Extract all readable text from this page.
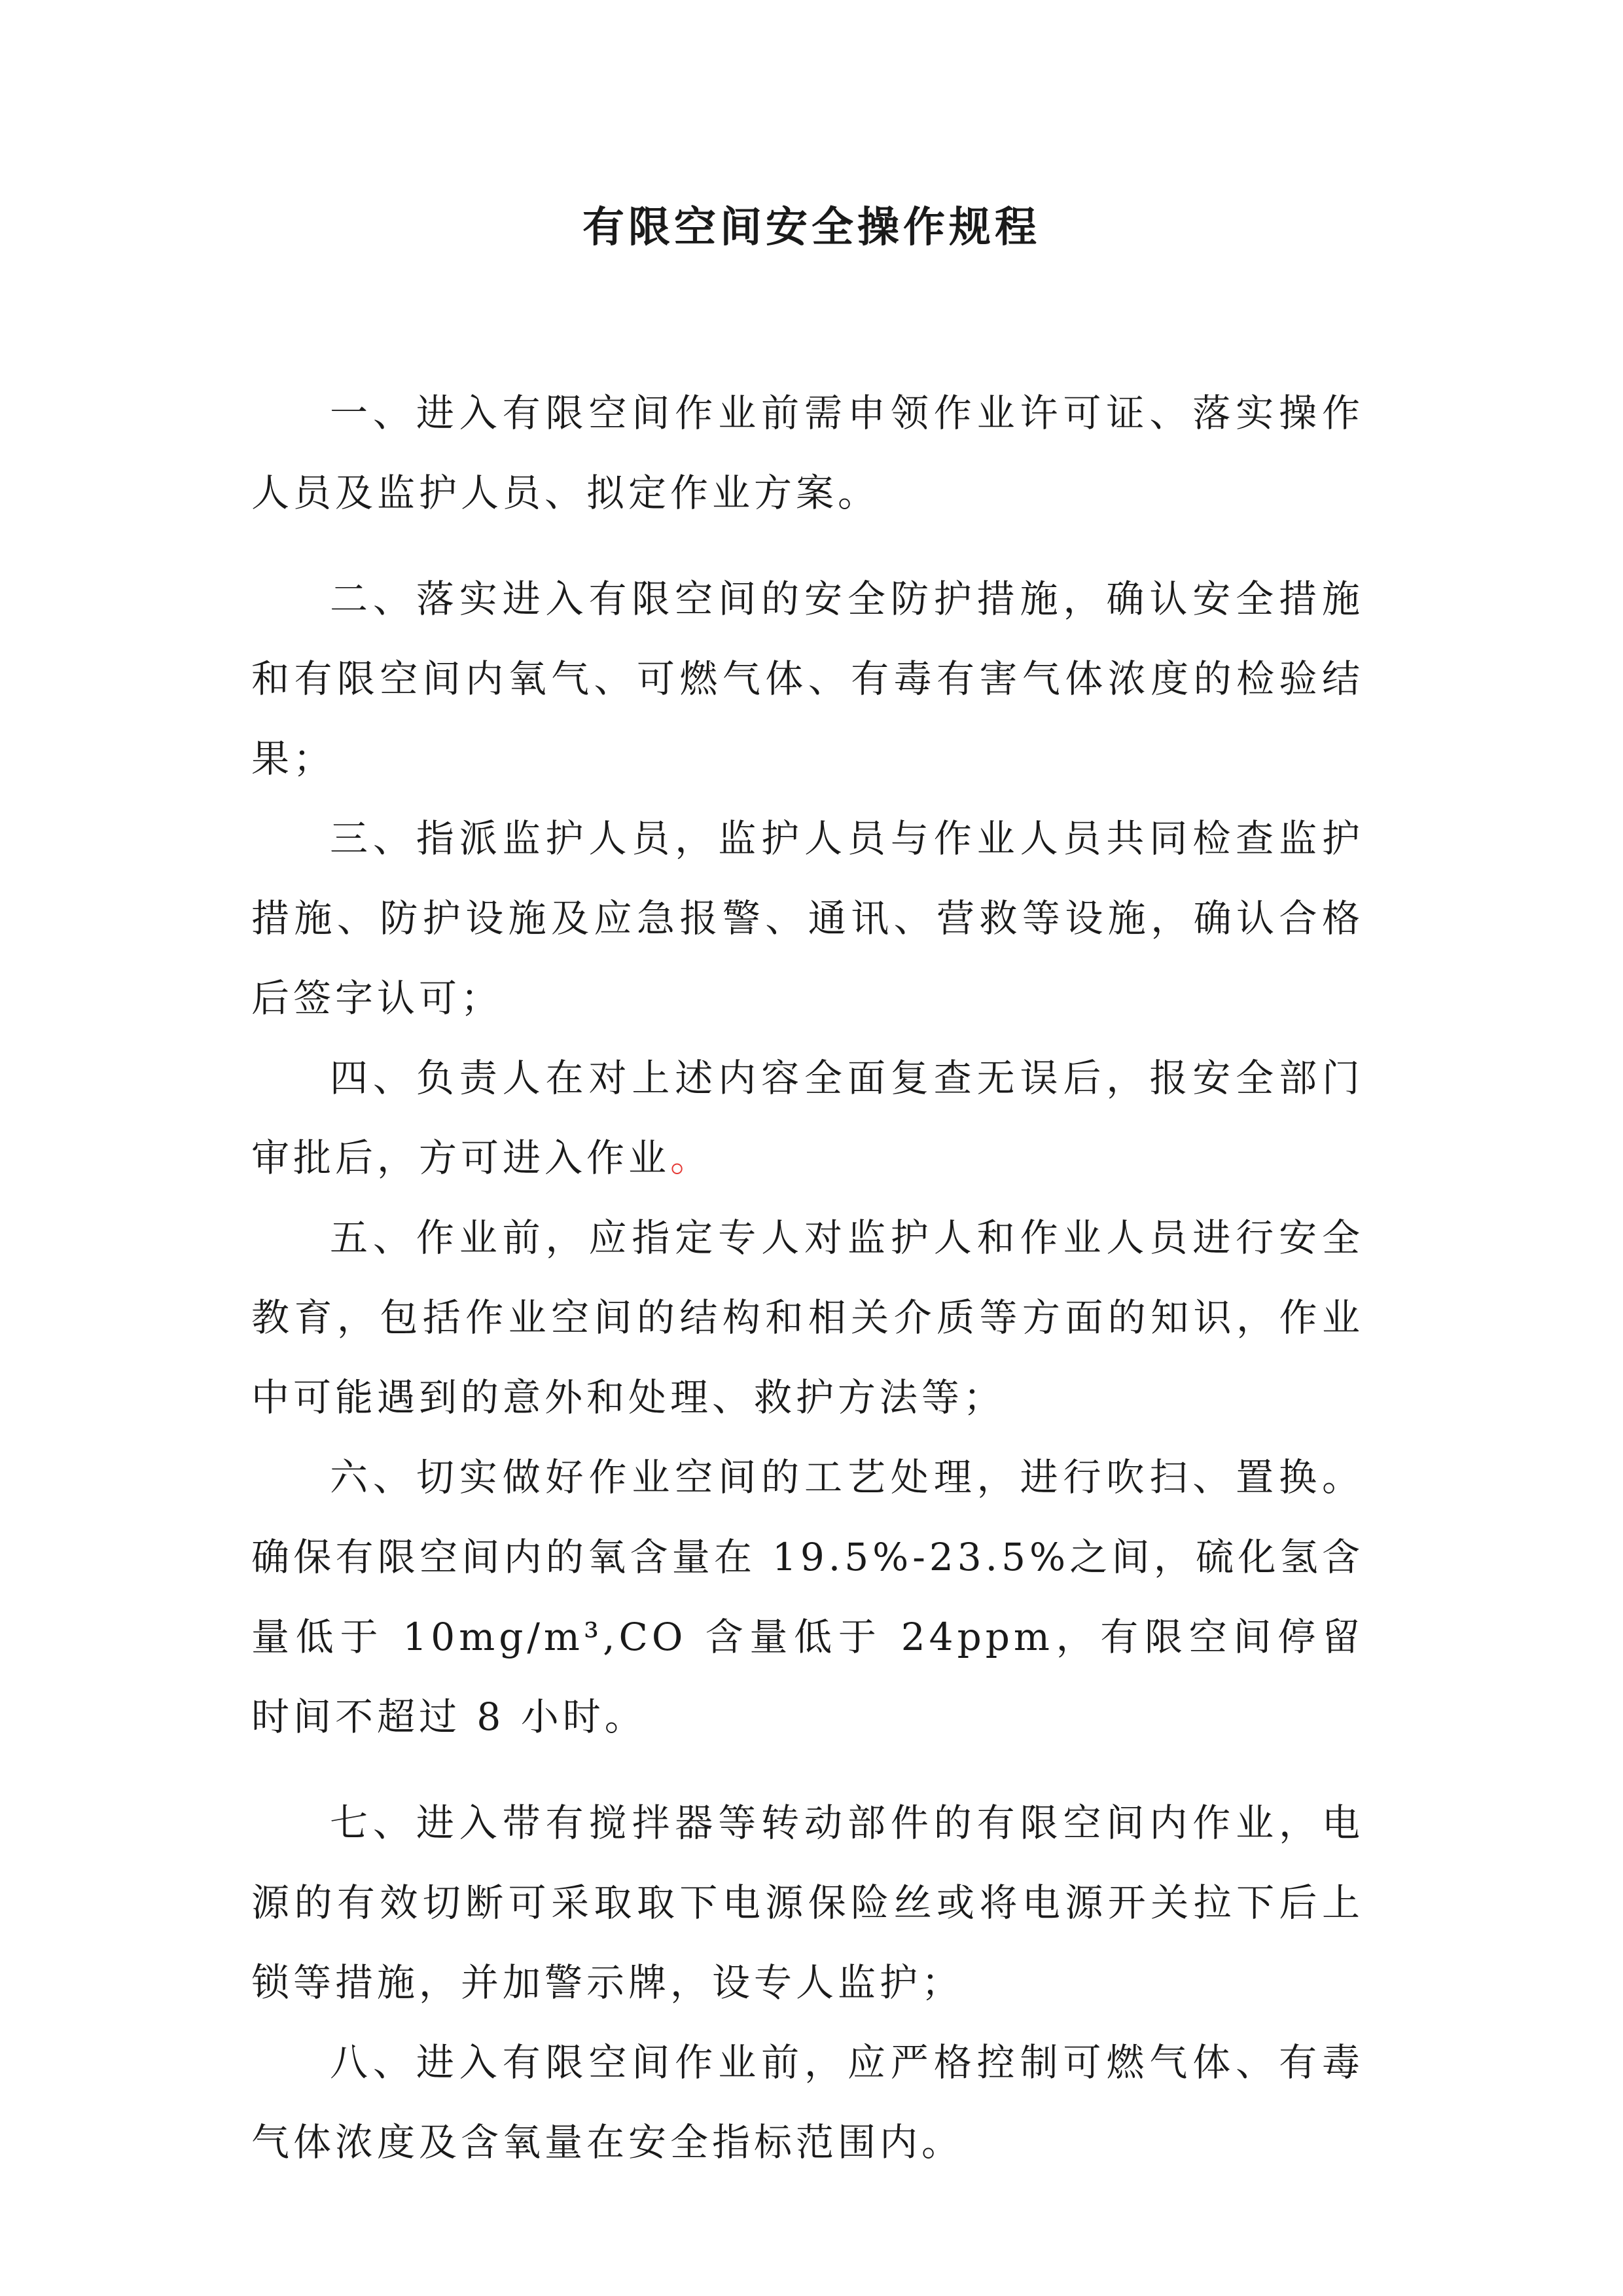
有限空间安全操作规程

一、进入有限空间作业前需申领作业许可证、落实操作人员及监护人员、拟定作业方案。

二、落实进入有限空间的安全防护措施，确认安全措施和有限空间内氧气、可燃气体、有毒有害气体浓度的检验结果；

三、指派监护人员，监护人员与作业人员共同检查监护措施、防护设施及应急报警、通讯、营救等设施，确认合格后签字认可；

四、负责人在对上述内容全面复查无误后，报安全部门审批后，方可进入作业。

五、作业前，应指定专人对监护人和作业人员进行安全教育，包括作业空间的结构和相关介质等方面的知识，作业中可能遇到的意外和处理、救护方法等；

六、切实做好作业空间的工艺处理，进行吹扫、置换。确保有限空间内的氧含量在 19.5%-23.5%之间，硫化氢含量低于 10mg/m³,CO 含量低于 24ppm，有限空间停留时间不超过 8 小时。

七、进入带有搅拌器等转动部件的有限空间内作业，电源的有效切断可采取取下电源保险丝或将电源开关拉下后上锁等措施，并加警示牌，设专人监护；

八、进入有限空间作业前，应严格控制可燃气体、有毒气体浓度及含氧量在安全指标范围内。
